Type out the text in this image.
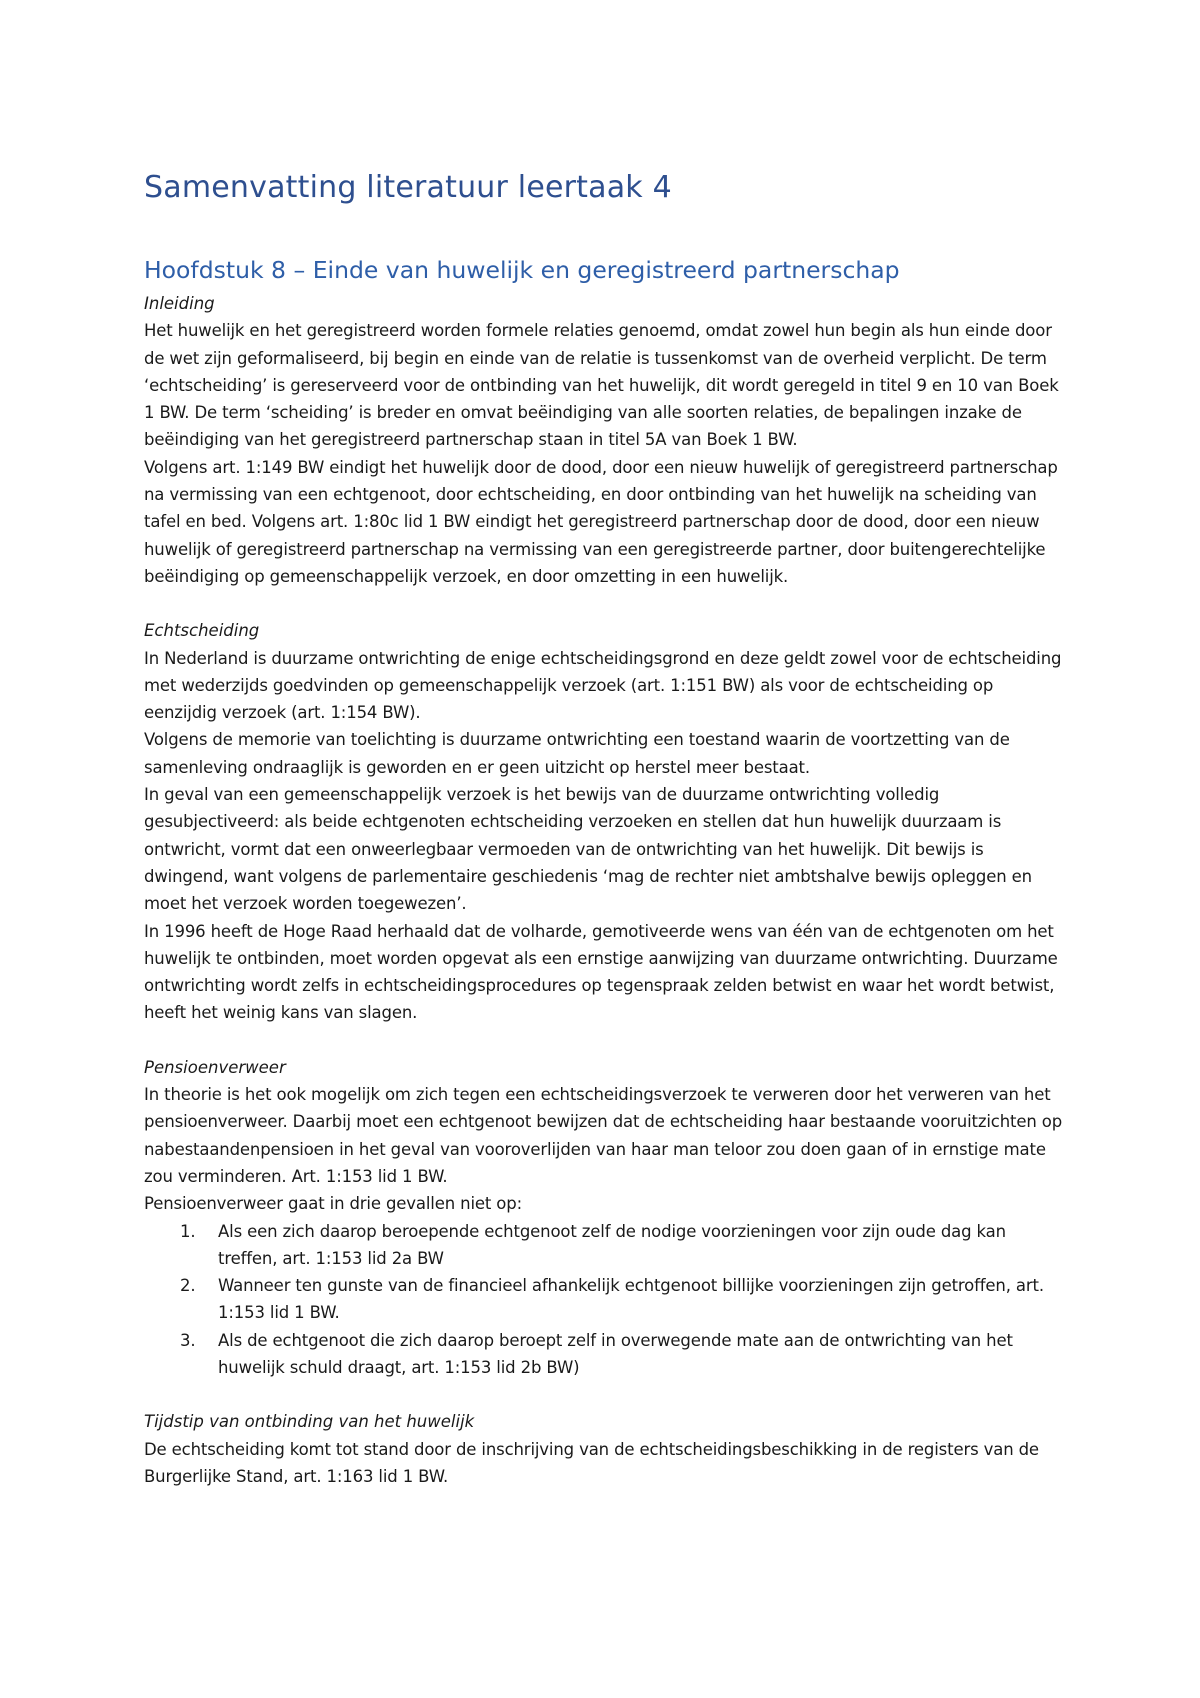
Samenvatting literatuur leertaak 4
Hoofdstuk 8 – Einde van huwelijk en geregistreerd partnerschap

Inleiding

Het huwelijk en het geregistreerd worden formele relaties genoemd, omdat zowel hun begin als hun einde door de wet zijn geformaliseerd, bij begin en einde van de relatie is tussenkomst van de overheid verplicht. De term ‘echtscheiding’ is gereserveerd voor de ontbinding van het huwelijk, dit wordt geregeld in titel 9 en 10 van Boek 1 BW. De term ‘scheiding’ is breder en omvat beëindiging van alle soorten relaties, de bepalingen inzake de beëindiging van het geregistreerd partnerschap staan in titel 5A van Boek 1 BW.

Volgens art. 1:149 BW eindigt het huwelijk door de dood, door een nieuw huwelijk of geregistreerd partnerschap na vermissing van een echtgenoot, door echtscheiding, en door ontbinding van het huwelijk na scheiding van tafel en bed. Volgens art. 1:80c lid 1 BW eindigt het geregistreerd partnerschap door de dood, door een nieuw huwelijk of geregistreerd partnerschap na vermissing van een geregistreerde partner, door buitengerechtelijke beëindiging op gemeenschappelijk verzoek, en door omzetting in een huwelijk.

Echtscheiding

In Nederland is duurzame ontwrichting de enige echtscheidingsgrond en deze geldt zowel voor de echtscheiding met wederzijds goedvinden op gemeenschappelijk verzoek (art. 1:151 BW) als voor de echtscheiding op eenzijdig verzoek (art. 1:154 BW).

Volgens de memorie van toelichting is duurzame ontwrichting een toestand waarin de voortzetting van de samenleving ondraaglijk is geworden en er geen uitzicht op herstel meer bestaat.

In geval van een gemeenschappelijk verzoek is het bewijs van de duurzame ontwrichting volledig gesubjectiveerd: als beide echtgenoten echtscheiding verzoeken en stellen dat hun huwelijk duurzaam is ontwricht, vormt dat een onweerlegbaar vermoeden van de ontwrichting van het huwelijk. Dit bewijs is dwingend, want volgens de parlementaire geschiedenis ‘mag de rechter niet ambtshalve bewijs opleggen en moet het verzoek worden toegewezen’.

In 1996 heeft de Hoge Raad herhaald dat de volharde, gemotiveerde wens van één van de echtgenoten om het huwelijk te ontbinden, moet worden opgevat als een ernstige aanwijzing van duurzame ontwrichting. Duurzame ontwrichting wordt zelfs in echtscheidingsprocedures op tegenspraak zelden betwist en waar het wordt betwist, heeft het weinig kans van slagen.

Pensioenverweer

In theorie is het ook mogelijk om zich tegen een echtscheidingsverzoek te verweren door het verweren van het pensioenverweer. Daarbij moet een echtgenoot bewijzen dat de echtscheiding haar bestaande vooruitzichten op nabestaandenpensioen in het geval van vooroverlijden van haar man teloor zou doen gaan of in ernstige mate zou verminderen. Art. 1:153 lid 1 BW.

Pensioenverweer gaat in drie gevallen niet op:

1. Als een zich daarop beroepende echtgenoot zelf de nodige voorzieningen voor zijn oude dag kan treffen, art. 1:153 lid 2a BW
2. Wanneer ten gunste van de financieel afhankelijk echtgenoot billijke voorzieningen zijn getroffen, art. 1:153 lid 1 BW.
3. Als de echtgenoot die zich daarop beroept zelf in overwegende mate aan de ontwrichting van het huwelijk schuld draagt, art. 1:153 lid 2b BW)

Tijdstip van ontbinding van het huwelijk

De echtscheiding komt tot stand door de inschrijving van de echtscheidingsbeschikking in de registers van de Burgerlijke Stand, art. 1:163 lid 1 BW.
